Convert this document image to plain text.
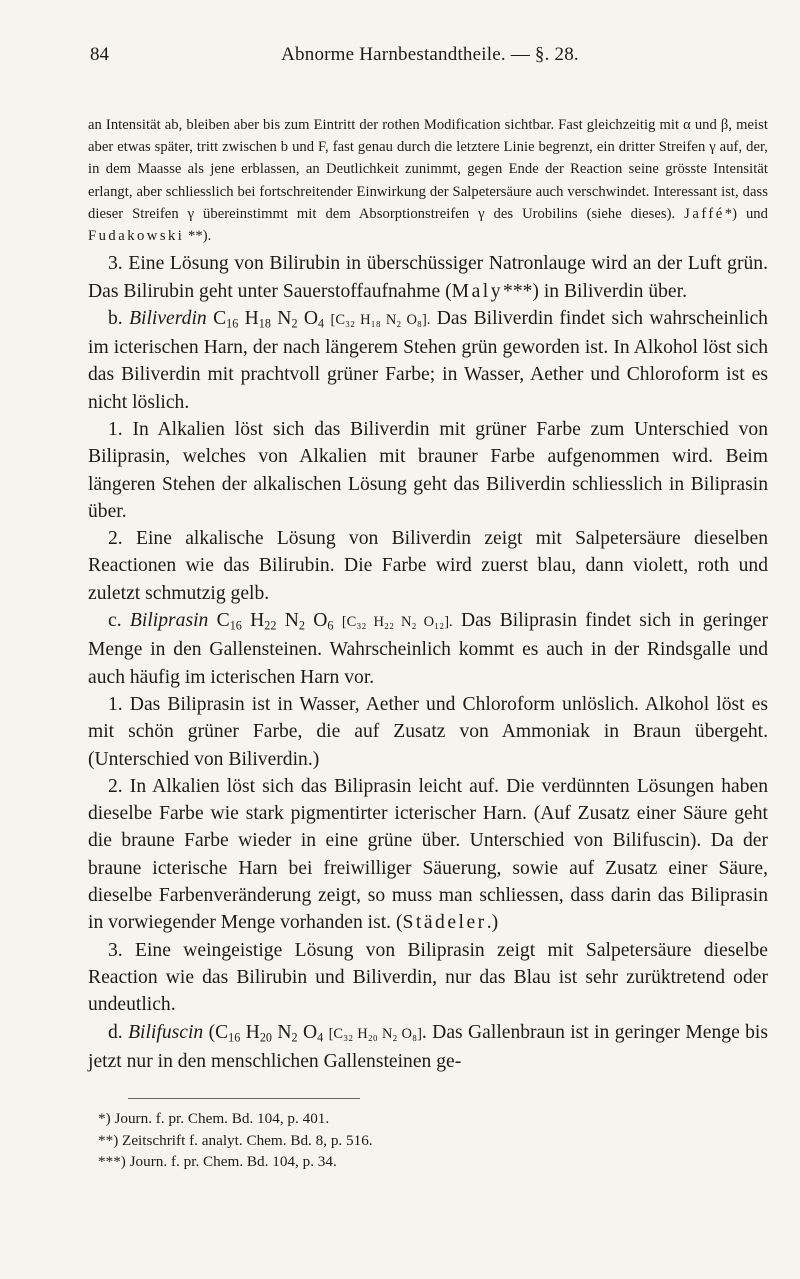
84	Abnorme Harnbestandtheile. — §. 28.

an Intensität ab, bleiben aber bis zum Eintritt der rothen Modification sichtbar. Fast gleichzeitig mit α und β, meist aber etwas später, tritt zwischen b und F, fast genau durch die letztere Linie begrenzt, ein dritter Streifen γ auf, der, in dem Maasse als jene erblassen, an Deutlichkeit zunimmt, gegen Ende der Reaction seine grösste Intensität erlangt, aber schliesslich bei fortschreitender Einwirkung der Salpetersäure auch verschwindet. Interessant ist, dass dieser Streifen γ übereinstimmt mit dem Absorptionstreifen γ des Urobilins (siehe dieses). Jaffé*) und Fudakowski **).

3. Eine Lösung von Bilirubin in überschüssiger Natronlauge wird an der Luft grün. Das Bilirubin geht unter Sauerstoffaufnahme (Maly***) in Biliverdin über.

b. Biliverdin $C_{16}$ $H_{18}$ $N_2$ $O_4$ [C₃₂ H₁₈ N₂ O₈]. Das Biliverdin findet sich wahrscheinlich im icterischen Harn, der nach längerem Stehen grün geworden ist. In Alkohol löst sich das Biliverdin mit prachtvoll grüner Farbe; in Wasser, Aether und Chloroform ist es nicht löslich.

1. In Alkalien löst sich das Biliverdin mit grüner Farbe zum Unterschied von Biliprasin, welches von Alkalien mit brauner Farbe aufgenommen wird. Beim längeren Stehen der alkalischen Lösung geht das Biliverdin schliesslich in Biliprasin über.

2. Eine alkalische Lösung von Biliverdin zeigt mit Salpetersäure dieselben Reactionen wie das Bilirubin. Die Farbe wird zuerst blau, dann violett, roth und zuletzt schmutzig gelb.

c. Biliprasin $C_{16}$ $H_{22}$ $N_2$ $O_6$ [C₃₂ H₂₂ N₂ O₁₂]. Das Biliprasin findet sich in geringer Menge in den Gallensteinen. Wahrscheinlich kommt es auch in der Rindsgalle und auch häufig im icterischen Harn vor.

1. Das Biliprasin ist in Wasser, Aether und Chloroform unlöslich. Alkohol löst es mit schön grüner Farbe, die auf Zusatz von Ammoniak in Braun übergeht. (Unterschied von Biliverdin.)

2. In Alkalien löst sich das Biliprasin leicht auf. Die verdünnten Lösungen haben dieselbe Farbe wie stark pigmentirter icterischer Harn. (Auf Zusatz einer Säure geht die braune Farbe wieder in eine grüne über. Unterschied von Bilifuscin). Da der braune icterische Harn bei freiwilliger Säuerung, sowie auf Zusatz einer Säure, dieselbe Farbenveränderung zeigt, so muss man schliessen, dass darin das Biliprasin in vorwiegender Menge vorhanden ist. (Städeler.)

3. Eine weingeistige Lösung von Biliprasin zeigt mit Salpetersäure dieselbe Reaction wie das Bilirubin und Biliverdin, nur das Blau ist sehr zurüktretend oder undeutlich.

d. Bilifuscin ($C_{16}$ $H_{20}$ $N_2$ $O_4$ [C₃₂ H₂₀ N₂ O₈]. Das Gallenbraun ist in geringer Menge bis jetzt nur in den menschlichen Gallensteinen ge-

*) Journ. f. pr. Chem. Bd. 104, p. 401.

**) Zeitschrift f. analyt. Chem. Bd. 8, p. 516.

***) Journ. f. pr. Chem. Bd. 104, p. 34.
